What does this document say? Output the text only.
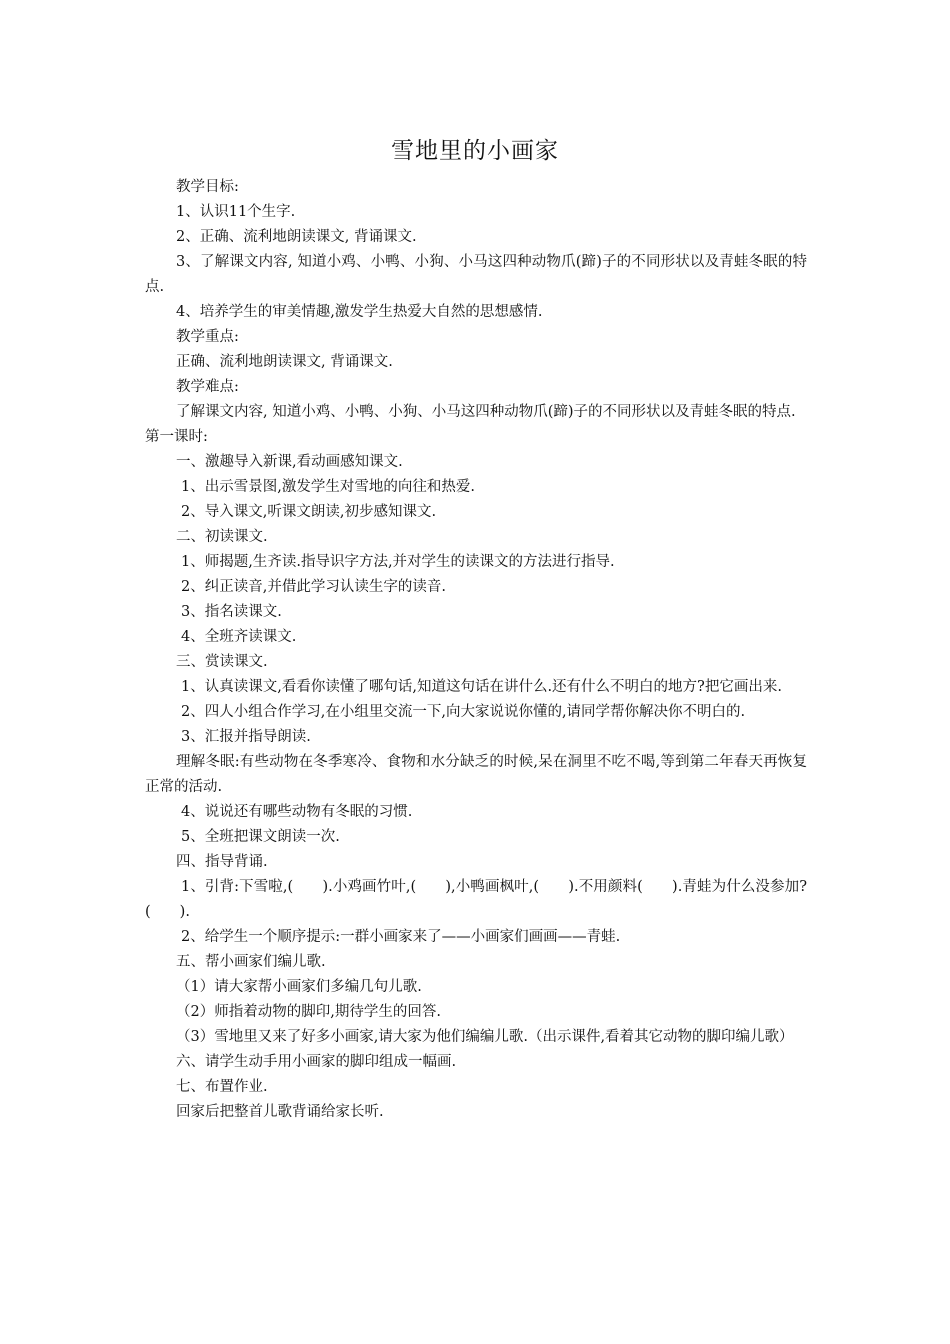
雪地里的小画家

教学目标:

1、认识11个生字.

2、正确、流利地朗读课文, 背诵课文.

3、了解课文内容, 知道小鸡、小鸭、小狗、小马这四种动物爪(蹄)子的不同形状以及青蛙冬眠的特点.

4、培养学生的审美情趣,激发学生热爱大自然的思想感情.

教学重点:

正确、流利地朗读课文, 背诵课文.

教学难点:

了解课文内容, 知道小鸡、小鸭、小狗、小马这四种动物爪(蹄)子的不同形状以及青蛙冬眠的特点.

第一课时:

一、激趣导入新课,看动画感知课文.

1、出示雪景图,激发学生对雪地的向往和热爱.

2、导入课文,听课文朗读,初步感知课文.

二、初读课文.

1、师揭题,生齐读.指导识字方法,并对学生的读课文的方法进行指导.

2、纠正读音,并借此学习认读生字的读音.

3、指名读课文.

4、全班齐读课文.

三、赏读课文.

1、认真读课文,看看你读懂了哪句话,知道这句话在讲什么.还有什么不明白的地方?把它画出来.

2、四人小组合作学习,在小组里交流一下,向大家说说你懂的,请同学帮你解决你不明白的.

3、汇报并指导朗读.

理解冬眠:有些动物在冬季寒冷、食物和水分缺乏的时候,呆在洞里不吃不喝,等到第二年春天再恢复正常的活动.

4、说说还有哪些动物有冬眠的习惯.

5、全班把课文朗读一次.

四、指导背诵.

1、引背:下雪啦,(　　).小鸡画竹叶,(　　),小鸭画枫叶,(　　).不用颜料(　　).青蛙为什么没参加?(　　).

2、给学生一个顺序提示:一群小画家来了——小画家们画画——青蛙.

五、帮小画家们编儿歌.

（1）请大家帮小画家们多编几句儿歌.

（2）师指着动物的脚印,期待学生的回答.

（3）雪地里又来了好多小画家,请大家为他们编编儿歌.（出示课件,看着其它动物的脚印编儿歌）

六、请学生动手用小画家的脚印组成一幅画.

七、布置作业.

回家后把整首儿歌背诵给家长听.
